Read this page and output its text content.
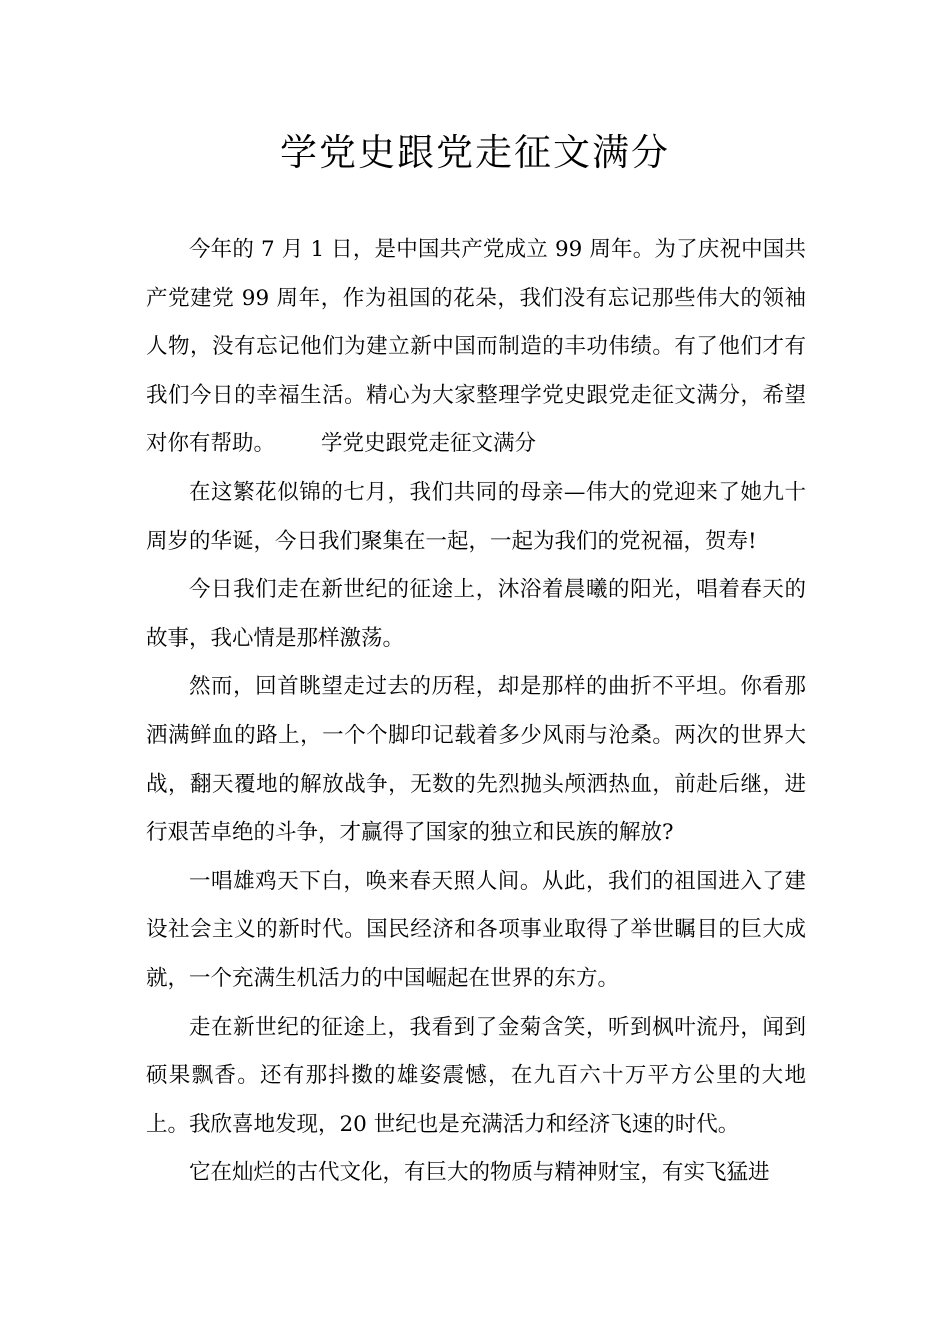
学党史跟党走征文满分

今年的 7 月 1 日，是中国共产党成立 99 周年。为了庆祝中国共产党建党 99 周年，作为祖国的花朵，我们没有忘记那些伟大的领袖人物，没有忘记他们为建立新中国而制造的丰功伟绩。有了他们才有我们今日的幸福生活。精心为大家整理学党史跟党走征文满分，希望对你有帮助。 学党史跟党走征文满分

在这繁花似锦的七月，我们共同的母亲—伟大的党迎来了她九十周岁的华诞，今日我们聚集在一起，一起为我们的党祝福，贺寿!

今日我们走在新世纪的征途上，沐浴着晨曦的阳光，唱着春天的故事，我心情是那样激荡。

然而，回首眺望走过去的历程，却是那样的曲折不平坦。你看那洒满鲜血的路上，一个个脚印记载着多少风雨与沧桑。两次的世界大战，翻天覆地的解放战争，无数的先烈抛头颅洒热血，前赴后继，进行艰苦卓绝的斗争，才赢得了国家的独立和民族的解放?

一唱雄鸡天下白，唤来春天照人间。从此，我们的祖国进入了建设社会主义的新时代。国民经济和各项事业取得了举世瞩目的巨大成就，一个充满生机活力的中国崛起在世界的东方。

走在新世纪的征途上，我看到了金菊含笑，听到枫叶流丹，闻到硕果飘香。还有那抖擞的雄姿震憾，在九百六十万平方公里的大地上。我欣喜地发现，20 世纪也是充满活力和经济飞速的时代。

它在灿烂的古代文化，有巨大的物质与精神财宝，有实飞猛进
